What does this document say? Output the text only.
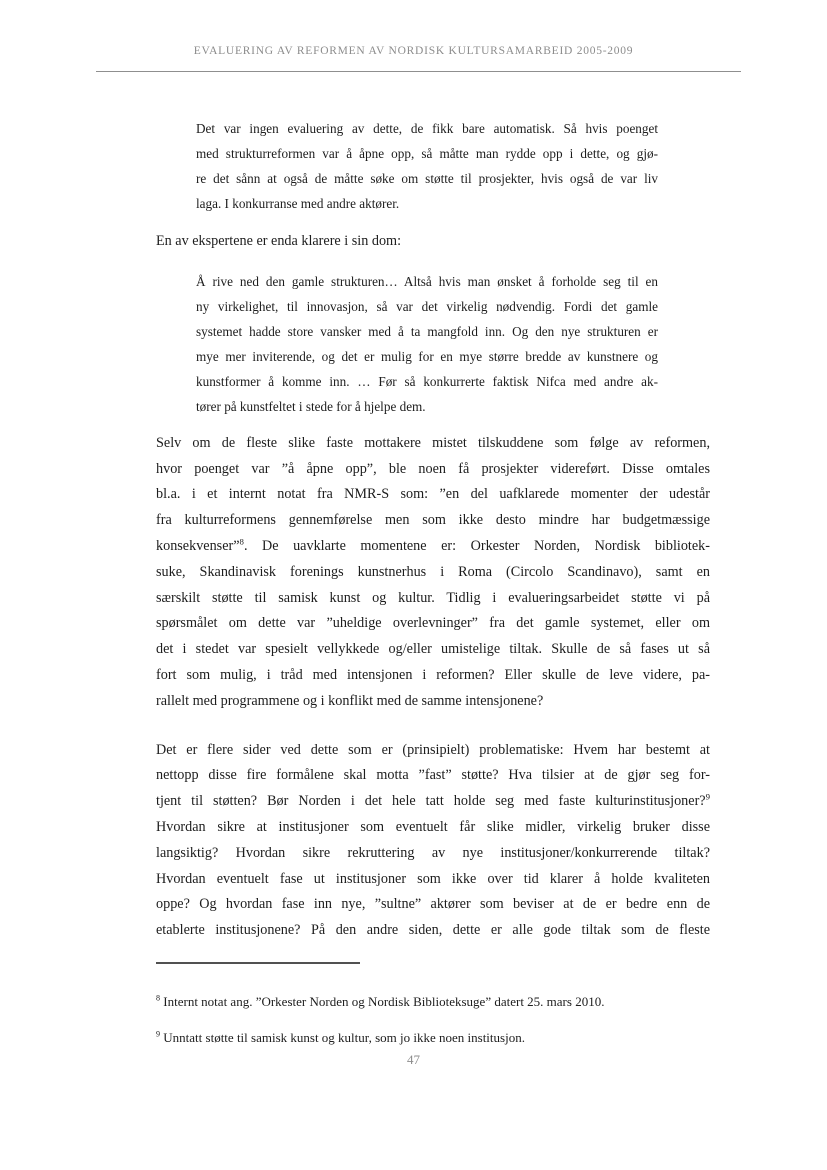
EVALUERING AV REFORMEN AV NORDISK KULTURSAMARBEID 2005-2009
Det var ingen evaluering av dette, de fikk bare automatisk. Så hvis poenget
med strukturreformen var å åpne opp, så måtte man rydde opp i dette, og gjø-
re det sånn at også de måtte søke om støtte til prosjekter, hvis også de var liv
laga. I konkurranse med andre aktører.
En av ekspertene er enda klarere i sin dom:
Å rive ned den gamle strukturen… Altså hvis man ønsket å forholde seg til en
ny virkelighet, til innovasjon, så var det virkelig nødvendig. Fordi det gamle
systemet hadde store vansker med å ta mangfold inn. Og den nye strukturen er
mye mer inviterende, og det er mulig for en mye større bredde av kunstnere og
kunstformer å komme inn. … Før så konkurrerte faktisk Nifca med andre ak-
tører på kunstfeltet i stede for å hjelpe dem.
Selv om de fleste slike faste mottakere mistet tilskuddene som følge av reformen,
hvor poenget var ”å åpne opp”, ble noen få prosjekter videreført. Disse omtales
bl.a. i et internt notat fra NMR-S som: ”en del uafklarede momenter der udestår
fra kulturreformens gennemførelse men som ikke desto mindre har budgetmæssige
konsekvenser”$^8$. De uavklarte momentene er: Orkester Norden, Nordisk bibliotek-
suke, Skandinavisk forenings kunstnerhus i Roma (Circolo Scandinavo), samt en
særskilt støtte til samisk kunst og kultur. Tidlig i evalueringsarbeidet støtte vi på
spørsmålet om dette var ”uheldige overlevninger” fra det gamle systemet, eller om
det i stedet var spesielt vellykkede og/eller umistelige tiltak. Skulle de så fases ut så
fort som mulig, i tråd med intensjonen i reformen? Eller skulle de leve videre, pa-
rallelt med programmene og i konflikt med de samme intensjonene?
Det er flere sider ved dette som er (prinsipielt) problematiske: Hvem har bestemt at
nettopp disse fire formålene skal motta ”fast” støtte? Hva tilsier at de gjør seg for-
tjent til støtten? Bør Norden i det hele tatt holde seg med faste kulturinstitusjoner?$^9$
Hvordan sikre at institusjoner som eventuelt får slike midler, virkelig bruker disse
langsiktig? Hvordan sikre rekruttering av nye institusjoner/konkurrerende tiltak?
Hvordan eventuelt fase ut institusjoner som ikke over tid klarer å holde kvaliteten
oppe? Og hvordan fase inn nye, ”sultne” aktører som beviser at de er bedre enn de
etablerte institusjonene? På den andre siden, dette er alle gode tiltak som de fleste
$^8$ Internt notat ang. ”Orkester Norden og Nordisk Biblioteksuge” datert 25. mars 2010.
$^9$ Unntatt støtte til samisk kunst og kultur, som jo ikke noen institusjon.
47
